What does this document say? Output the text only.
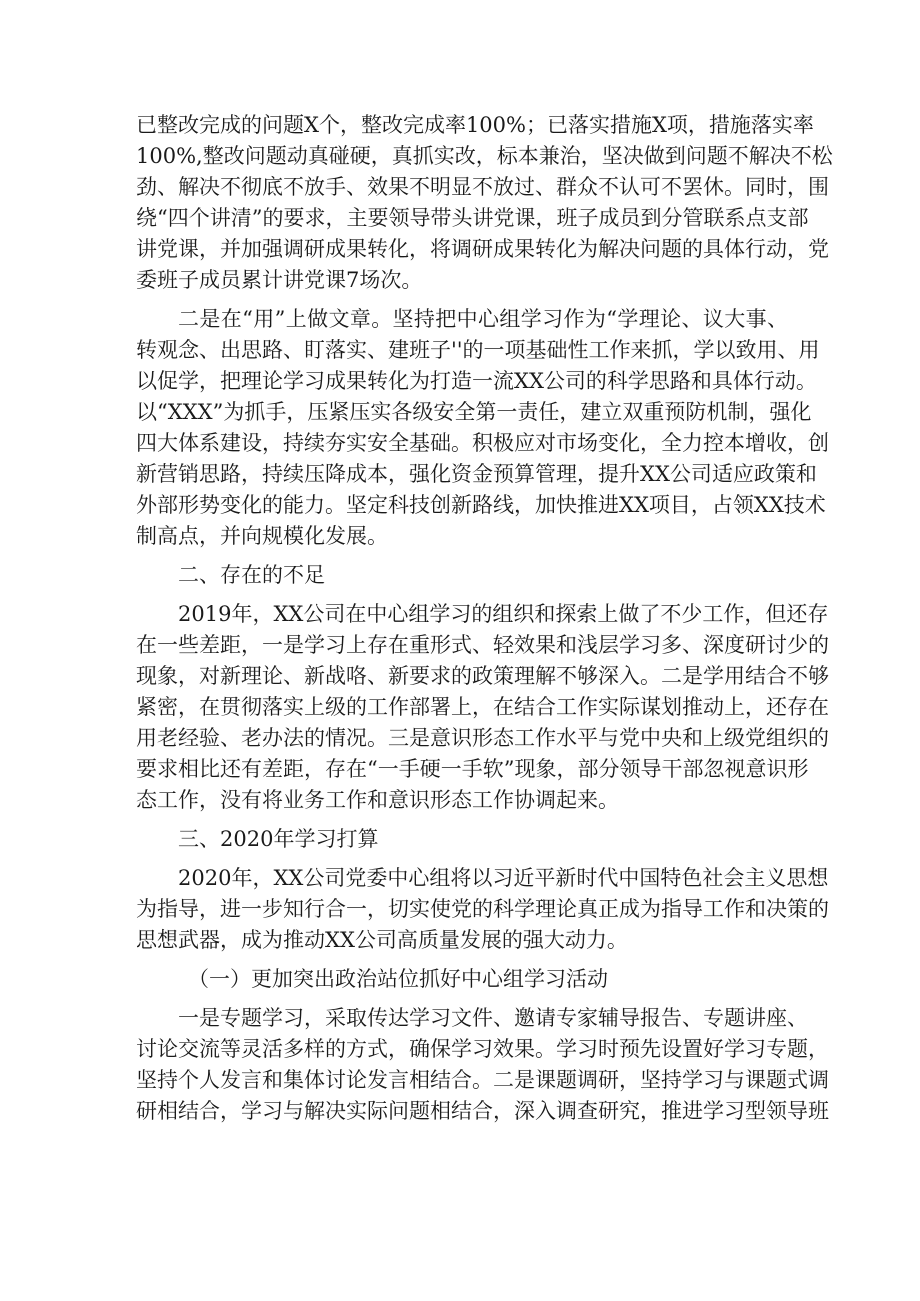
已整改完成的问题X个，整改完成率100%；已落实措施X项，措施落实率
100%,整改问题动真碰硬，真抓实改，标本兼治，坚决做到问题不解决不松
劲、解决不彻底不放手、效果不明显不放过、群众不认可不罢休。同时，围
绕“四个讲清”的要求，主要领导带头讲党课，班子成员到分管联系点支部
讲党课，并加强调研成果转化，将调研成果转化为解决问题的具体行动，党
委班子成员累计讲党课7场次。
二是在“用”上做文章。坚持把中心组学习作为“学理论、议大事、
转观念、出思路、盯落实、建班子''的一项基础性工作来抓，学以致用、用
以促学，把理论学习成果转化为打造一流XX公司的科学思路和具体行动。
以“XXX”为抓手，压紧压实各级安全第一责任，建立双重预防机制，强化
四大体系建设，持续夯实安全基础。积极应对市场变化，全力控本增收，创
新营销思路，持续压降成本，强化资金预算管理，提升XX公司适应政策和
外部形势变化的能力。坚定科技创新路线，加快推进XX项目，占领XX技术
制高点，并向规模化发展。
二、存在的不足
2019年，XX公司在中心组学习的组织和探索上做了不少工作，但还存
在一些差距，一是学习上存在重形式、轻效果和浅层学习多、深度研讨少的
现象，对新理论、新战咯、新要求的政策理解不够深入。二是学用结合不够
紧密，在贯彻落实上级的工作部署上，在结合工作实际谋划推动上，还存在
用老经验、老办法的情况。三是意识形态工作水平与党中央和上级党组织的
要求相比还有差距，存在“一手硬一手软”现象，部分领导干部忽视意识形
态工作，没有将业务工作和意识形态工作协调起来。
三、2020年学习打算
2020年，XX公司党委中心组将以习近平新时代中国特色社会主义思想
为指导，进一步知行合一，切实使党的科学理论真正成为指导工作和决策的
思想武器，成为推动XX公司高质量发展的强大动力。
（一）更加突出政治站位抓好中心组学习活动
一是专题学习，采取传达学习文件、邀请专家辅导报告、专题讲座、
讨论交流等灵活多样的方式，确保学习效果。学习时预先设置好学习专题，
坚持个人发言和集体讨论发言相结合。二是课题调研，坚持学习与课题式调
研相结合，学习与解决实际问题相结合，深入调查研究，推进学习型领导班
